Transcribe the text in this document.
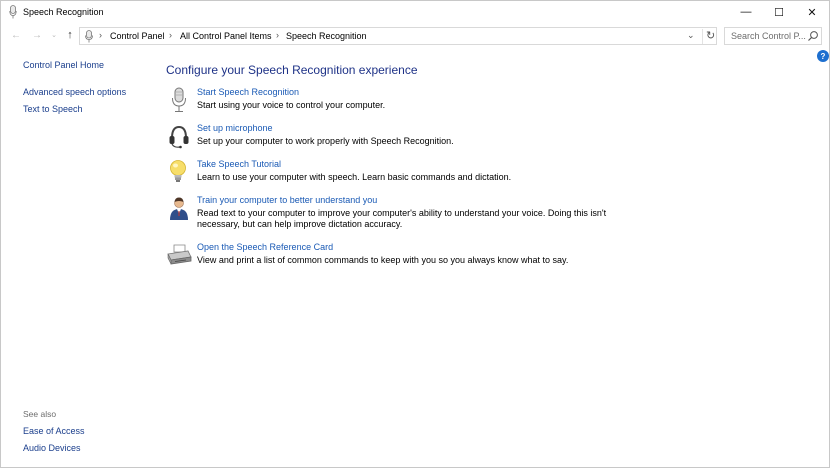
Speech Recognition	—	☐	✕
← →	⌄ ↑	› Control Panel › All Control Panel Items › Speech Recognition	⌄	↻ Search Control P...
?
Control Panel Home
Advanced speech options
Text to Speech
See also
Ease of Access
Audio Devices
Configure your Speech Recognition experience
Start Speech Recognition
Start using your voice to control your computer.
Set up microphone
Set up your computer to work properly with Speech Recognition.
Take Speech Tutorial
Learn to use your computer with speech. Learn basic commands and dictation.
Train your computer to better understand you
Read text to your computer to improve your computer's ability to understand your voice. Doing this isn't necessary, but can help improve dictation accuracy.
Open the Speech Reference Card
View and print a list of common commands to keep with you so you always know what to say.
